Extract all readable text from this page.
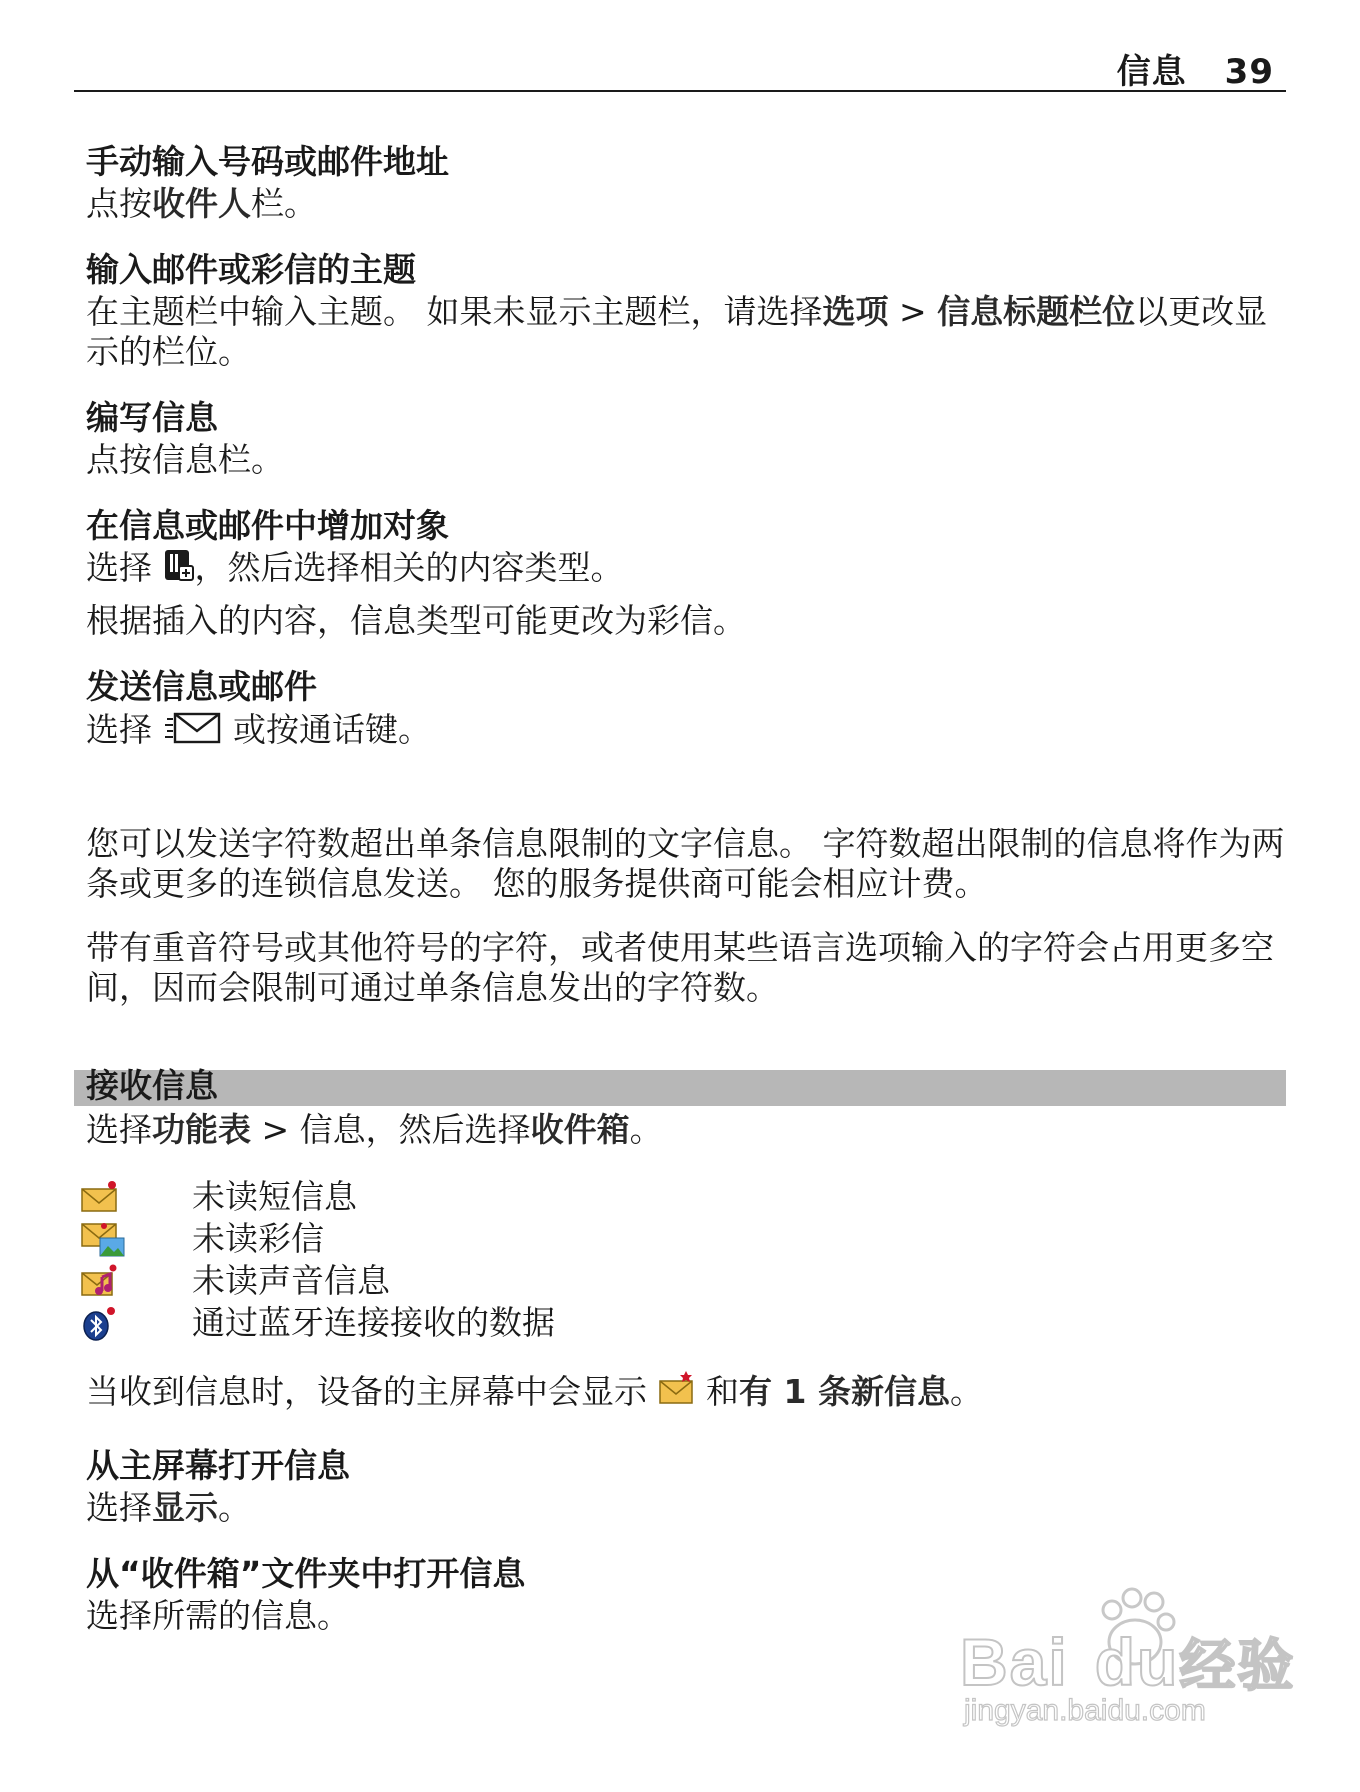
信息 39
手动输入号码或邮件地址

点按收件人栏。

输入邮件或彩信的主题

在主题栏中输入主题。 如果未显示主题栏，请选择选项 > 信息标题栏位以更改显示的栏位。

编写信息

点按信息栏。

在信息或邮件中增加对象

选择 ，然后选择相关的内容类型。

根据插入的内容，信息类型可能更改为彩信。

发送信息或邮件

选择  或按通话键。

您可以发送字符数超出单条信息限制的文字信息。 字符数超出限制的信息将作为两条或更多的连锁信息发送。 您的服务提供商可能会相应计费。

带有重音符号或其他符号的字符，或者使用某些语言选项输入的字符会占用更多空间，因而会限制可通过单条信息发出的字符数。

接收信息

选择功能表 > 信息，然后选择收件箱。

未读短信息

未读彩信

未读声音信息

通过蓝牙连接接收的数据

当收到信息时，设备的主屏幕中会显示  和有 1 条新信息。

从主屏幕打开信息

选择显示。

从“收件箱”文件夹中打开信息

选择所需的信息。

Bai du经验
jingyan.baidu.com
